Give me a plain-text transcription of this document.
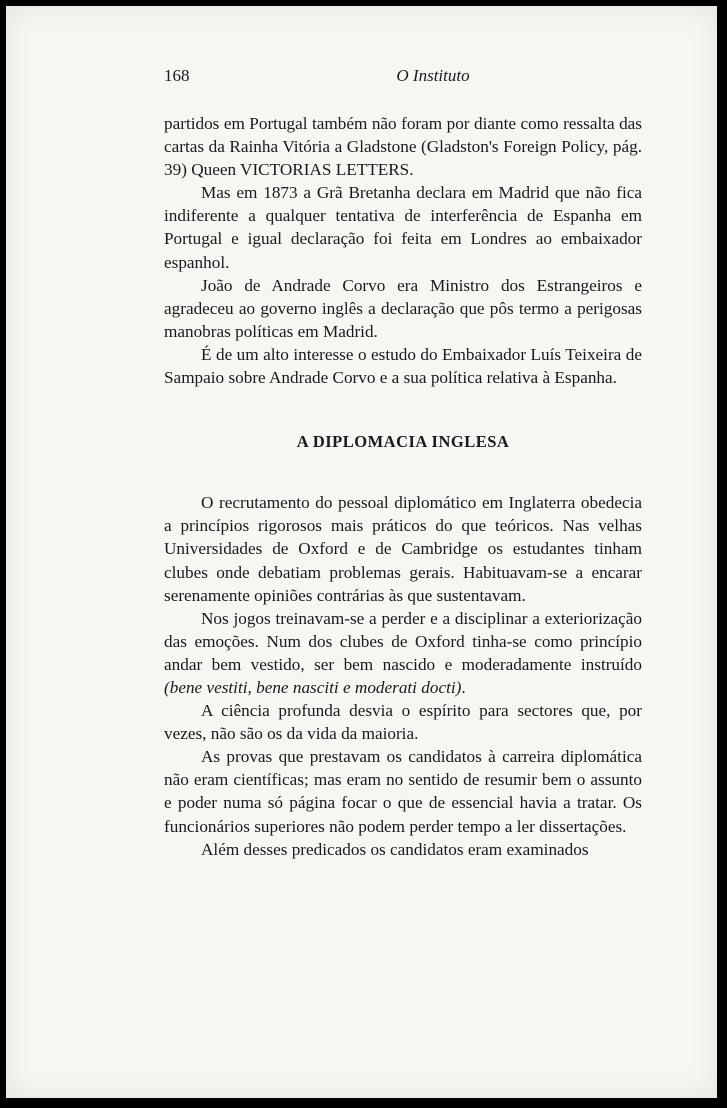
168	O Instituto

partidos em Portugal também não foram por diante como ressalta das cartas da Rainha Vitória a Gladstone (Gladston's Foreign Policy, pág. 39) Queen VICTORIAS LETTERS.

Mas em 1873 a Grã Bretanha declara em Madrid que não fica indiferente a qualquer tentativa de interferência de Espanha em Portugal e igual declaração foi feita em Londres ao embaixador espanhol.

João de Andrade Corvo era Ministro dos Estrangeiros e agradeceu ao governo inglês a declaração que pôs termo a perigosas manobras políticas em Madrid.

É de um alto interesse o estudo do Embaixador Luís Teixeira de Sampaio sobre Andrade Corvo e a sua política relativa à Espanha.

A DIPLOMACIA INGLESA

O recrutamento do pessoal diplomático em Inglaterra obedecia a princípios rigorosos mais práticos do que teóricos. Nas velhas Universidades de Oxford e de Cambridge os estudantes tinham clubes onde debatiam problemas gerais. Habituavam-se a encarar serenamente opiniões contrárias às que sustentavam.

Nos jogos treinavam-se a perder e a disciplinar a exteriorização das emoções. Num dos clubes de Oxford tinha-se como princípio andar bem vestido, ser bem nascido e moderadamente instruído (bene vestiti, bene nasciti e moderati docti).

A ciência profunda desvia o espírito para sectores que, por vezes, não são os da vida da maioria.

As provas que prestavam os candidatos à carreira diplomática não eram científicas; mas eram no sentido de resumir bem o assunto e poder numa só página focar o que de essencial havia a tratar. Os funcionários superiores não podem perder tempo a ler dissertações.

Além desses predicados os candidatos eram examinados
